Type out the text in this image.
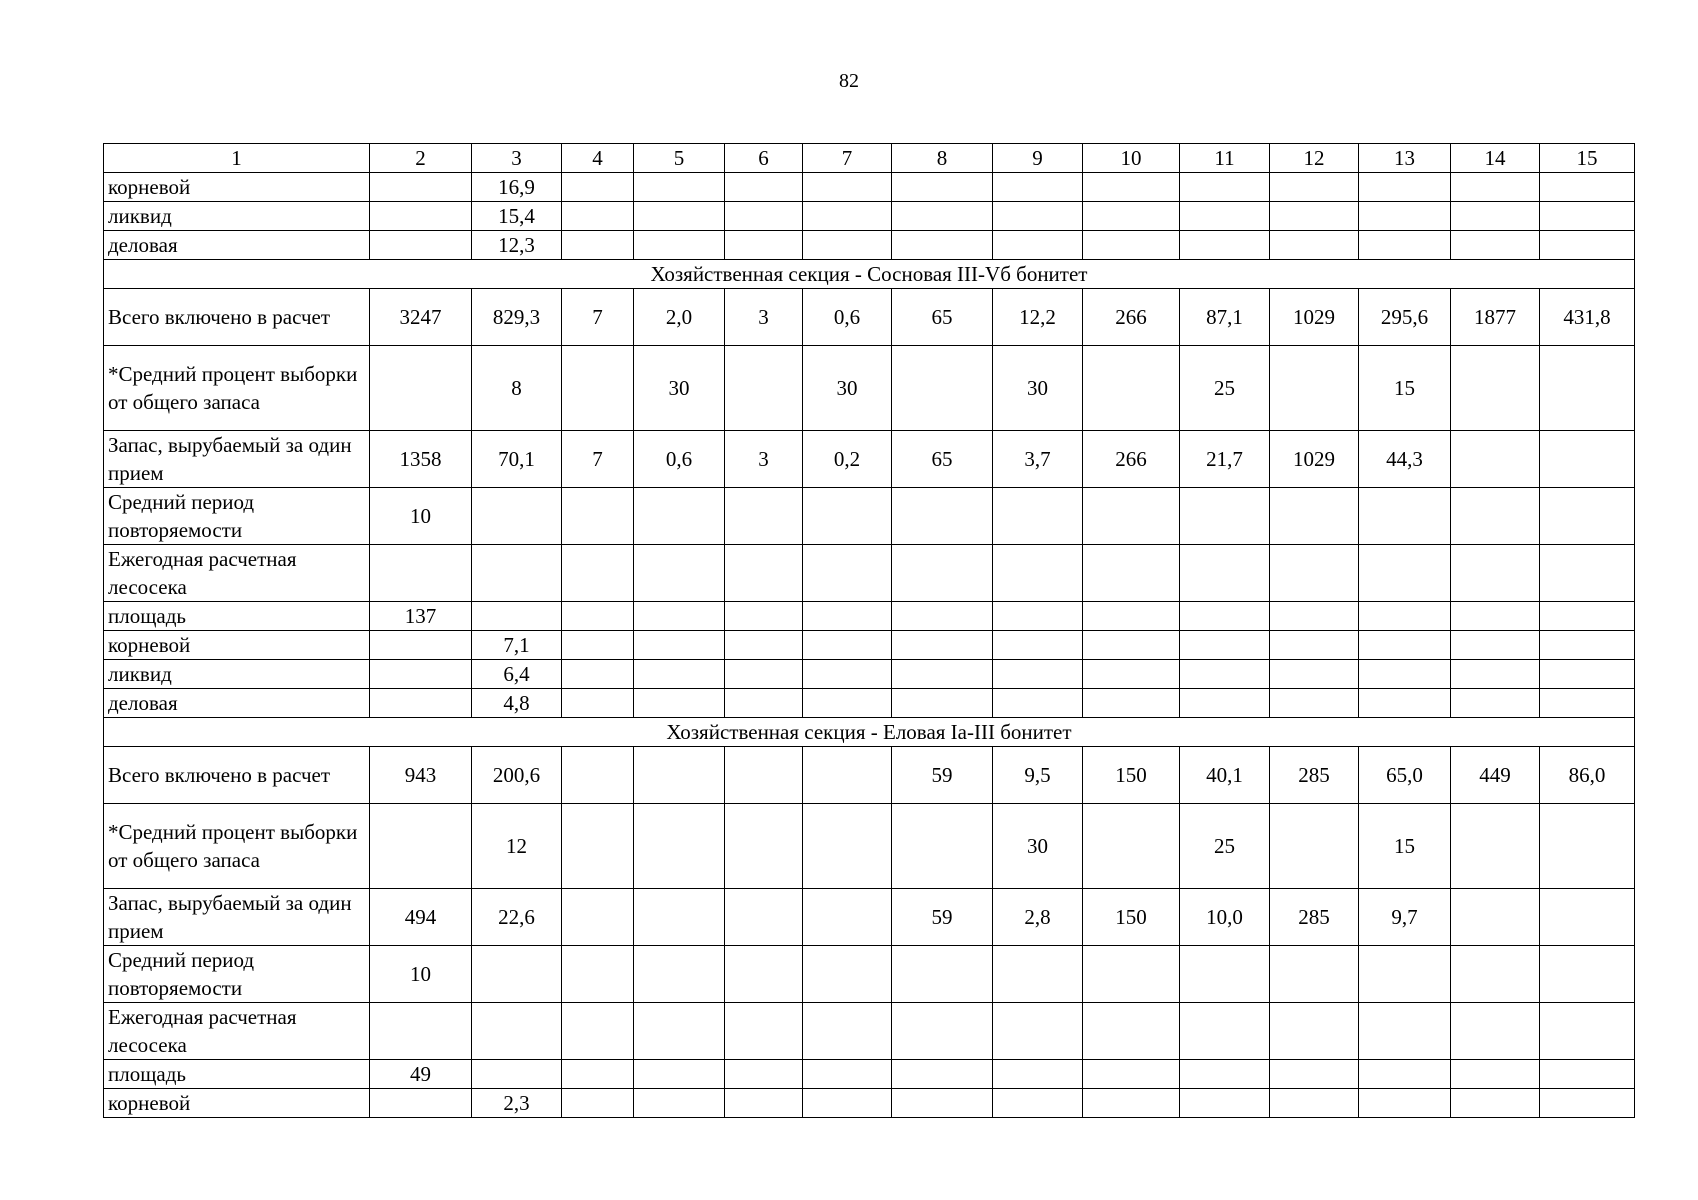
82
1	2	3	4	5	6	7	8	9	10	11	12	13	14	15
корневой		16,9												
ликвид		15,4												
деловая		12,3												
Хозяйственная секция - Сосновая III-Vб бонитет														
Всего включено в расчет	3247	829,3	7	2,0	3	0,6	65	12,2	266	87,1	1029	295,6	1877	431,8
*Средний процент выборки от общего запаса		8		30		30		30		25		15		
Запас, вырубаемый за один прием	1358	70,1	7	0,6	3	0,2	65	3,7	266	21,7	1029	44,3		
Средний период повторяемости	10													
Ежегодная расчетная лесосека														
площадь	137													
корневой		7,1												
ликвид		6,4												
деловая		4,8												
Хозяйственная секция - Еловая Ia-III бонитет														
Всего включено в расчет	943	200,6					59	9,5	150	40,1	285	65,0	449	86,0
*Средний процент выборки от общего запаса		12						30		25		15		
Запас, вырубаемый за один прием	494	22,6					59	2,8	150	10,0	285	9,7		
Средний период повторяемости	10													
Ежегодная расчетная лесосека														
площадь	49													
корневой		2,3												
